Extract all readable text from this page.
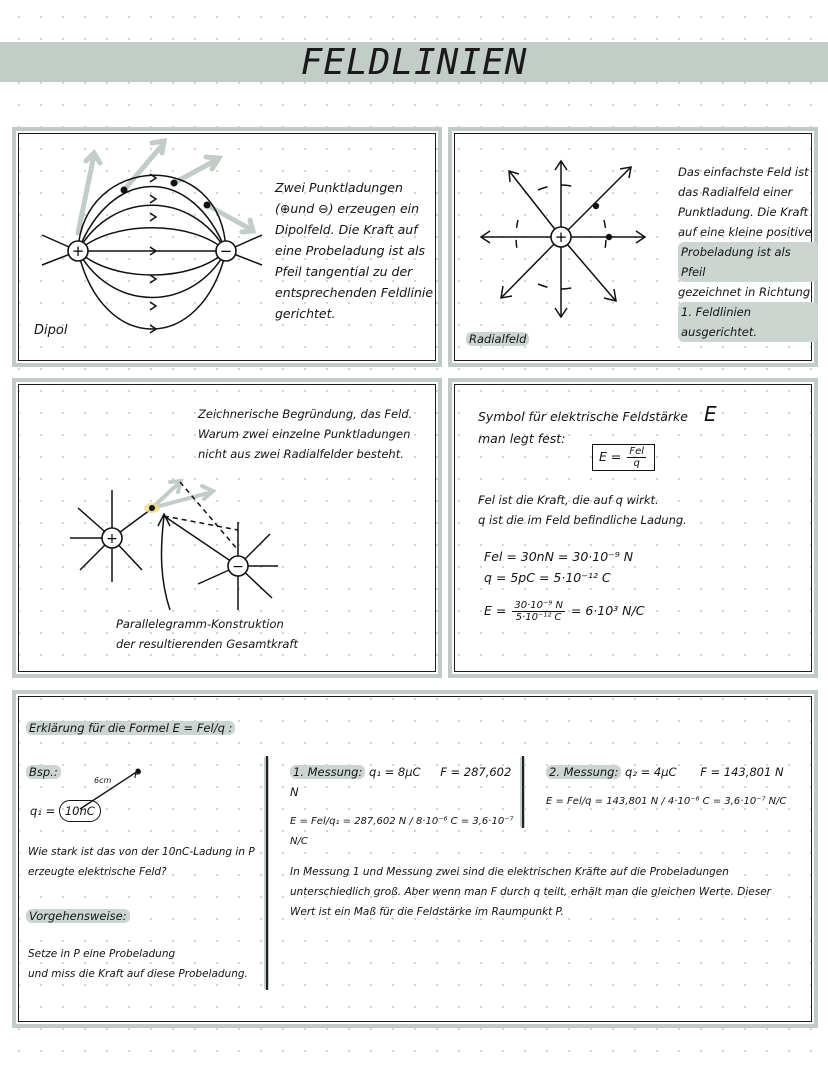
FELDLINIEN
+	−
Dipol
Zwei Punktladungen
(⊕und ⊖) erzeugen ein
Dipolfeld. Die Kraft auf
eine Probeladung ist als
Pfeil tangential zu der
entsprechenden Feldlinie
gerichtet.
+
Radialfeld
Das einfachste Feld ist
das Radialfeld einer
Punktladung. Die Kraft
auf eine kleine positive
Probeladung ist als Pfeil
gezeichnet in Richtung
1. Feldlinien ausgerichtet.
Zeichnerische Begründung, das Feld.
Warum zwei einzelne Punktladungen
nicht aus zwei Radialfelder besteht.
+
−
Parallelegramm-Konstruktion
der resultierenden Gesamtkraft
Symbol für elektrische Feldstärke E
man legt fest:
$E = \frac{\text{Fel}}{q}$
Fel ist die Kraft, die auf q wirkt.
q ist die im Feld befindliche Ladung.
Fel = 30nN = 30·10⁻⁹ N
q = 5pC = 5·10⁻¹² C
$E = \frac{\text{30·10⁻⁹ N}}{\text{5·10⁻¹² C}} = 6\cdot 10^3$ N/C
Erklärung für die Formel E = Fel/q :
Bsp.:	P
6cm
q₁ = 10nC
Wie stark ist das von der 10nC-Ladung in P
erzeugte elektrische Feld?
Vorgehensweise:
Setze in P eine Probeladung
und miss die Kraft auf diese Probeladung.
1. Messung: q₁ = 8μC F = 287,602 N
E = Fel/q₁ = 287,602 N / 8·10⁻⁶ C = 3,6·10⁻⁷ N/C
2. Messung: q₂ = 4μC F = 143,801 N
E = Fel/q = 143,801 N / 4·10⁻⁶ C = 3,6·10⁻⁷ N/C
In Messung 1 und Messung zwei sind die elektrischen Kräfte auf die Probeladungen
unterschiedlich groß. Aber wenn man F durch q teilt, erhält man die gleichen Werte. Dieser
Wert ist ein Maß für die Feldstärke im Raumpunkt P.
